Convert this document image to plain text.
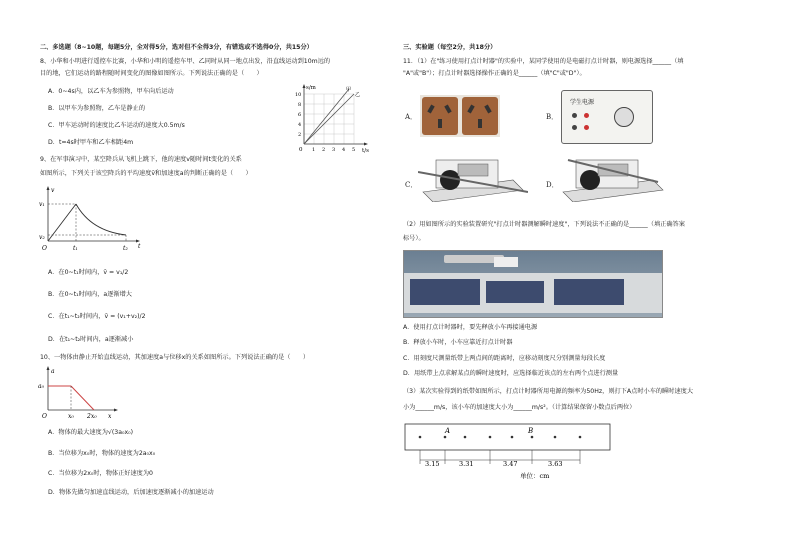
二、多选题（8~10题，每题5分，全对得5分，选对但不全得3分，有错选或不选得0分，共15分）
8、小华和小明进行遥控车比赛，小华和小明的遥控车甲、乙同时从同一地点出发，沿直线运动到10m远的
目的地，它们运动的路程随时间变化的图像如图所示。下列说法正确的是（　　）
A．0~4s内，以乙车为参照物，甲车向后运动
B．以甲车为参照物，乙车是静止的
C．甲车运动时的速度比乙车运动的速度大0.5m/s
D．t=4s时甲车和乙车相距4m
s/m
t/s
0
2
4
6
8
10
1 2 3 4 5
甲
乙
9、在军事演习中，某空降兵从飞机上跳下，他的速度v随时间t变化的关系
如图所示，下列关于该空降兵的平均速度v̄和加速度a的判断正确的是（　　）
v
v₁
v₂
O	t₁	t₂ t
A．在0~t₁时间内，v̄ = v₁/2
B．在0~t₁时间内，a逐渐增大
C．在t₁~t₂时间内，v̄ = (v₁+v₂)/2
D．在t₁~t₂时间内，a逐渐减小
10、一物体由静止开始直线运动，其加速度a与位移x的关系如图所示。下列说法正确的是（　　）
a
a₀
O	x₀ 2x₀ x
A．物体的最大速度为√(3a₀x₀)
B．当位移为x₀时，物体的速度为2a₀x₀
C．当位移为2x₀时，物体正好速度为0
D．物体先做匀加速直线运动，后加速度逐渐减小的加速运动
三、实验题（每空2分，共18分）
11．（1）在"练习使用打点计时器"的实验中，某同学使用的是电磁打点计时器，则电源选择______（填
"A"或"B"）；打点计时器选择操作正确的是______（填"C"或"D"）。
A．	B．
学生电源
C．	D．
（2）用如图所示的实验装置研究"打点计时器测解瞬时速度"，下列说法不正确的是______（填正确答案
标号）。
A．使用打点计时器时，要先释放小车再接通电源
B．释放小车时，小车应靠近打点计时器
C．用刻度尺测量纸带上两点间的距离时，应移动刻度尺分别测量每段长度
D．用纸带上点求解某点的瞬时速度时，应选择临近该点的左右两个点进行测量
（3）某次实验得到的纸带如图所示，打点计时器所用电源的频率为50Hz，则打下A点时小车的瞬时速度大
小为______m/s，该小车的加速度大小为______m/s²。（计算结果保留小数点后两位）
A	B
3.15	3.31	3.47	3.63
单位：cm
